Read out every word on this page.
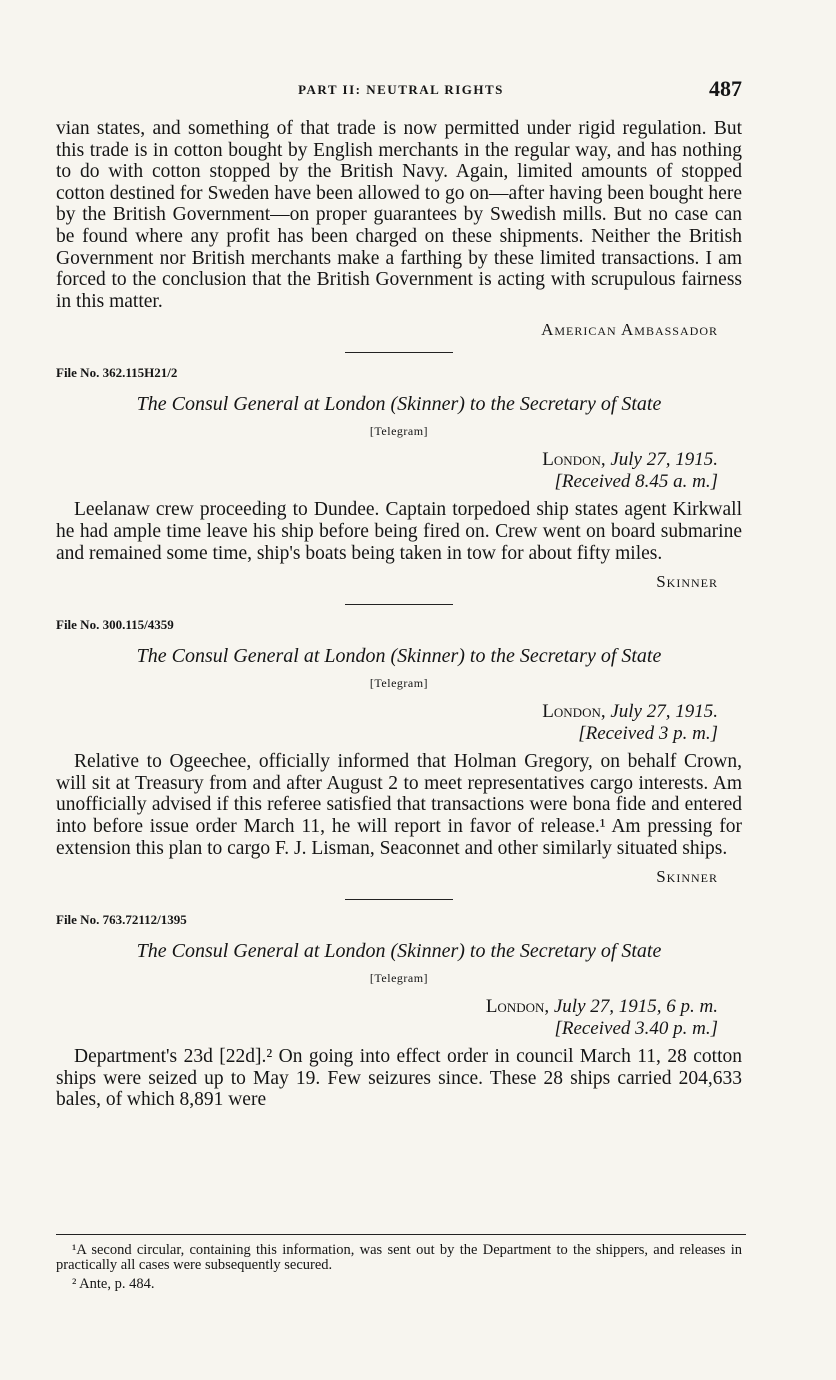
PART II: NEUTRAL RIGHTS	487

vian states, and something of that trade is now permitted under rigid regulation. But this trade is in cotton bought by English merchants in the regular way, and has nothing to do with cotton stopped by the British Navy. Again, limited amounts of stopped cotton destined for Sweden have been allowed to go on—after having been bought here by the British Government—on proper guarantees by Swedish mills. But no case can be found where any profit has been charged on these shipments. Neither the British Government nor British merchants make a farthing by these limited transactions. I am forced to the conclusion that the British Government is acting with scrupulous fairness in this matter.

American Ambassador
File No. 362.115H21/2
The Consul General at London (Skinner) to the Secretary of State
[Telegram]
London, July 27, 1915.
[Received 8.45 a. m.]

Leelanaw crew proceeding to Dundee. Captain torpedoed ship states agent Kirkwall he had ample time leave his ship before being fired on. Crew went on board submarine and remained some time, ship's boats being taken in tow for about fifty miles.

Skinner
File No. 300.115/4359
The Consul General at London (Skinner) to the Secretary of State
[Telegram]
London, July 27, 1915.
[Received 3 p. m.]

Relative to Ogeechee, officially informed that Holman Gregory, on behalf Crown, will sit at Treasury from and after August 2 to meet representatives cargo interests. Am unofficially advised if this referee satisfied that transactions were bona fide and entered into before issue order March 11, he will report in favor of release.¹ Am pressing for extension this plan to cargo F. J. Lisman, Seaconnet and other similarly situated ships.

Skinner
File No. 763.72112/1395
The Consul General at London (Skinner) to the Secretary of State
[Telegram]
London, July 27, 1915, 6 p. m.
[Received 3.40 p. m.]

Department's 23d [22d].² On going into effect order in council March 11, 28 cotton ships were seized up to May 19. Few seizures since. These 28 ships carried 204,633 bales, of which 8,891 were

¹A second circular, containing this information, was sent out by the Department to the shippers, and releases in practically all cases were subsequently secured.

² Ante, p. 484.
